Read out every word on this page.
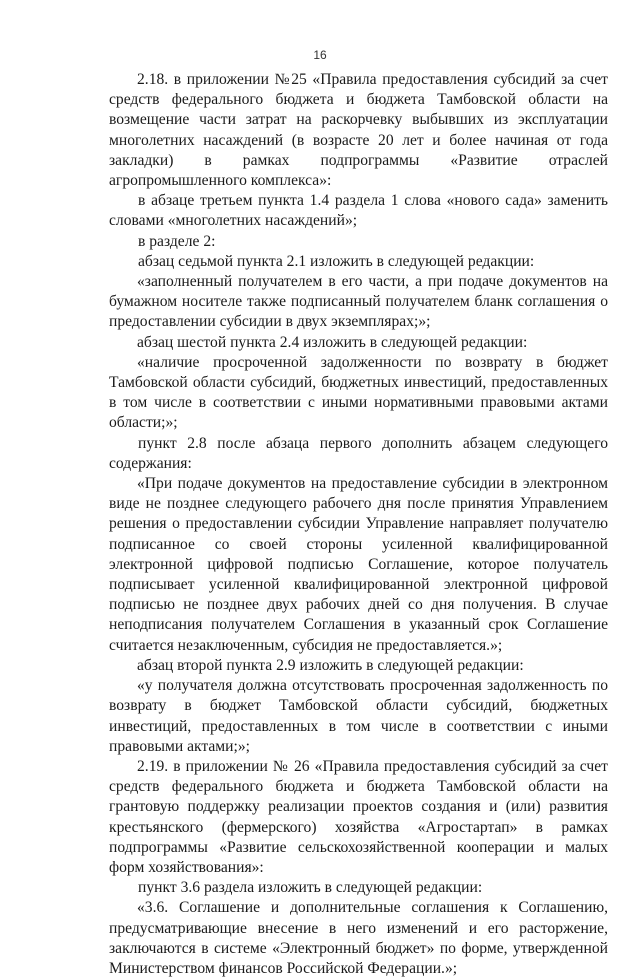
16

2.18. в приложении №25 «Правила предоставления субсидий за счет средств федерального бюджета и бюджета Тамбовской области на возмещение части затрат на раскорчевку выбывших из эксплуатации многолетних насаждений (в возрасте 20 лет и более начиная от года закладки) в рамках подпрограммы «Развитие отраслей агропромышленного комплекса»:

в абзаце третьем пункта 1.4 раздела 1 слова «нового сада» заменить словами «многолетних насаждений»;

в разделе 2:

абзац седьмой пункта 2.1 изложить в следующей редакции:

«заполненный получателем в его части, а при подаче документов на бумажном носителе также подписанный получателем бланк соглашения о предоставлении субсидии в двух экземплярах;»;

абзац шестой пункта 2.4 изложить в следующей редакции:

«наличие просроченной задолженности по возврату в бюджет Тамбовской области субсидий, бюджетных инвестиций, предоставленных в том числе в соответствии с иными нормативными правовыми актами области;»;

пункт 2.8 после абзаца первого дополнить абзацем следующего содержания:

«При подаче документов на предоставление субсидии в электронном виде не позднее следующего рабочего дня после принятия Управлением решения о предоставлении субсидии Управление направляет получателю подписанное со своей стороны усиленной квалифицированной электронной цифровой подписью Соглашение, которое получатель подписывает усиленной квалифицированной электронной цифровой подписью не позднее двух рабочих дней со дня получения. В случае неподписания получателем Соглашения в указанный срок Соглашение считается незаключенным, субсидия не предоставляется.»;

абзац второй пункта 2.9 изложить в следующей редакции:

«у получателя должна отсутствовать просроченная задолженность по возврату в бюджет Тамбовской области субсидий, бюджетных инвестиций, предоставленных в том числе в соответствии с иными правовыми актами;»;

2.19. в приложении № 26 «Правила предоставления субсидий за счет средств федерального бюджета и бюджета Тамбовской области на грантовую поддержку реализации проектов создания и (или) развития крестьянского (фермерского) хозяйства «Агростартап» в рамках подпрограммы «Развитие сельскохозяйственной кооперации и малых форм хозяйствования»:

пункт 3.6 раздела изложить в следующей редакции:

«3.6. Соглашение и дополнительные соглашения к Соглашению, предусматривающие внесение в него изменений и его расторжение, заключаются в системе «Электронный бюджет» по форме, утвержденной Министерством финансов Российской Федерации.»;
